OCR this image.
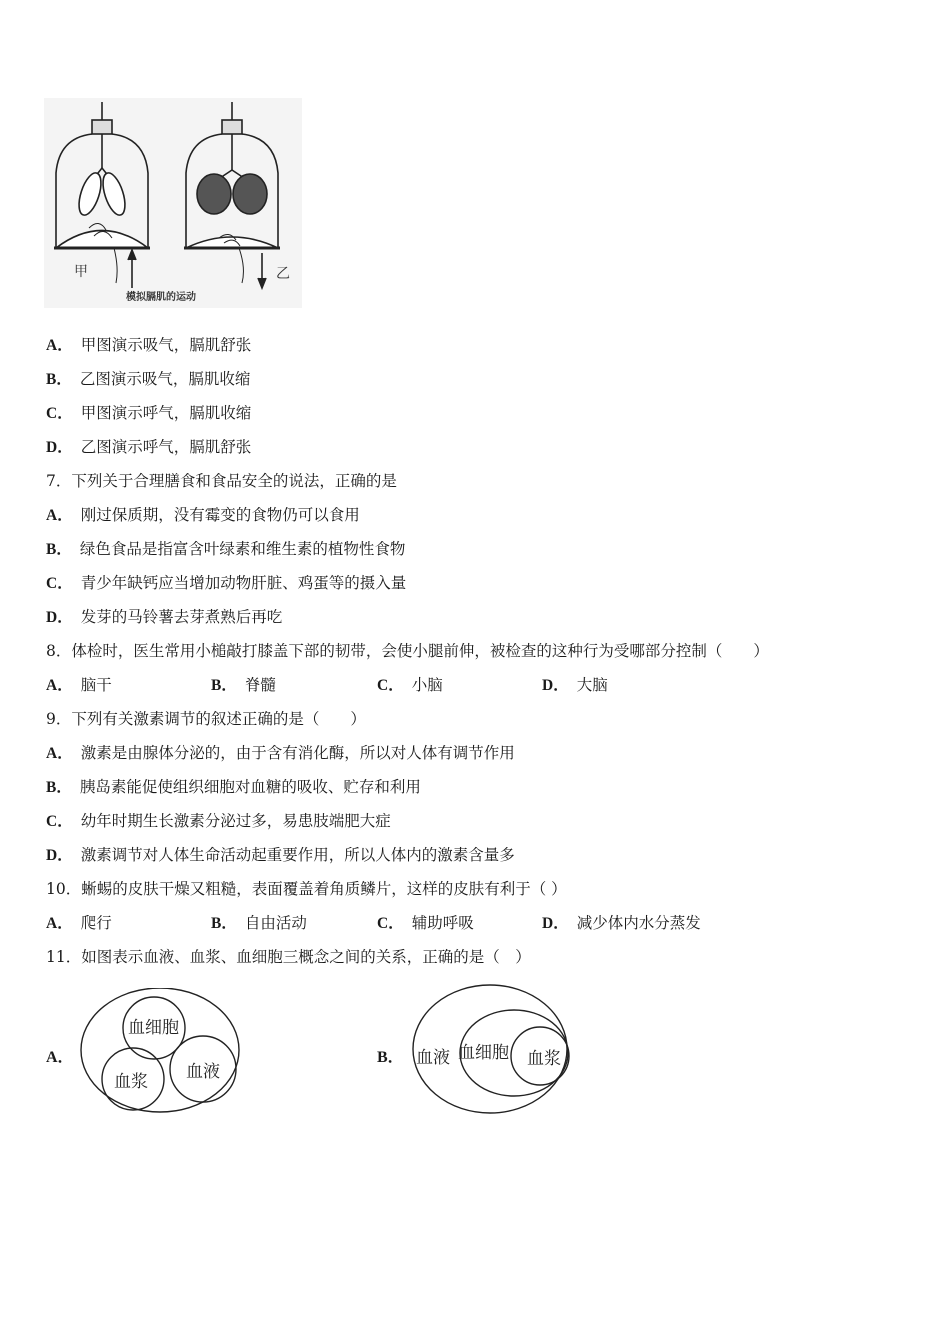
甲	乙
模拟膈肌的运动
A． 甲图演示吸气，膈肌舒张
B． 乙图演示吸气，膈肌收缩
C． 甲图演示呼气，膈肌收缩
D． 乙图演示呼气，膈肌舒张
7．下列关于合理膳食和食品安全的说法，正确的是
A． 刚过保质期，没有霉变的食物仍可以食用
B． 绿色食品是指富含叶绿素和维生素的植物性食物
C． 青少年缺钙应当增加动物肝脏、鸡蛋等的摄入量
D． 发芽的马铃薯去芽煮熟后再吃
8．体检时，医生常用小槌敲打膝盖下部的韧带，会使小腿前伸，被检查的这种行为受哪部分控制（　　）
A． 脑干	B． 脊髓	C． 小脑	D． 大脑
9．下列有关激素调节的叙述正确的是（　　）
A． 激素是由腺体分泌的，由于含有消化酶，所以对人体有调节作用
B． 胰岛素能促使组织细胞对血糖的吸收、贮存和利用
C． 幼年时期生长激素分泌过多，易患肢端肥大症
D． 激素调节对人体生命活动起重要作用，所以人体内的激素含量多
10．蜥蜴的皮肤干燥又粗糙，表面覆盖着角质鳞片，这样的皮肤有利于（ ）
A． 爬行	B． 自由活动	C． 辅助呼吸	D． 减少体内水分蒸发
11．如图表示血液、血浆、血细胞三概念之间的关系，正确的是（　）
A．
血细胞
血浆 血液
B． 血液 血细胞 血浆
